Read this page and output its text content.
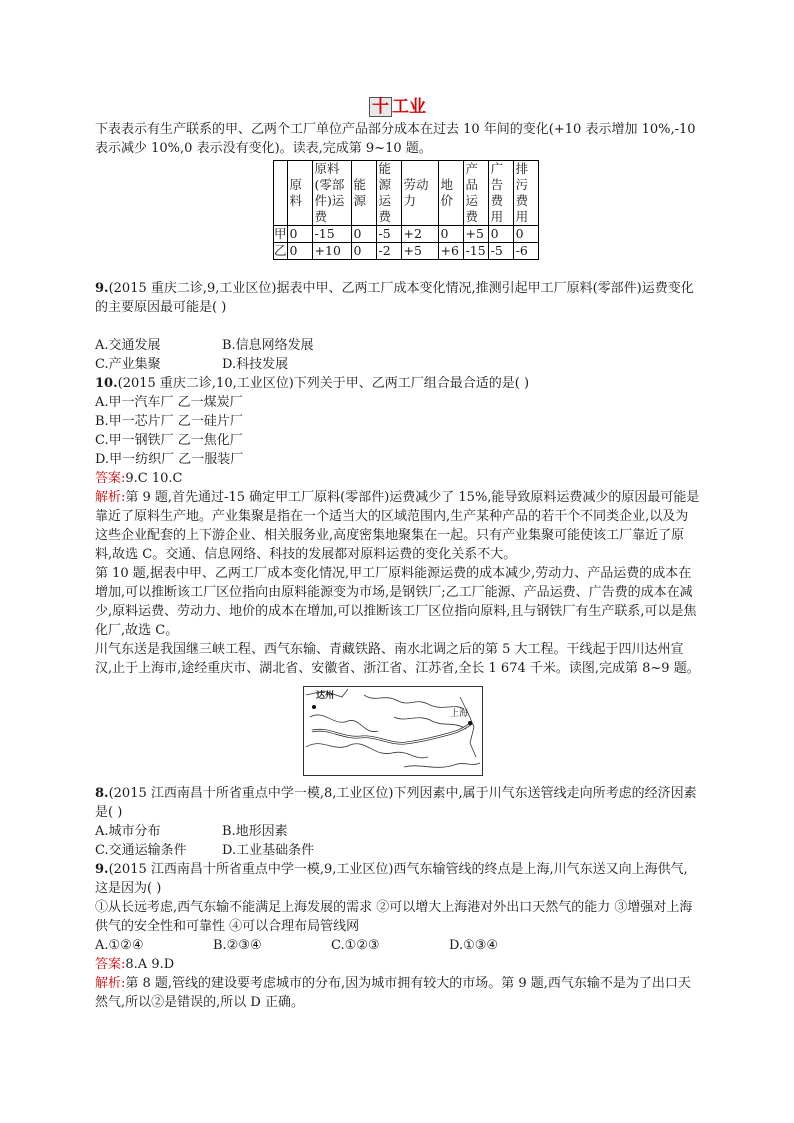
十 工业

下表表示有生产联系的甲、乙两个工厂单位产品部分成本在过去 10 年间的变化(+10 表示增加 10%,-10 表示减少 10%,0 表示没有变化)。读表,完成第 9~10 题。

	原料	原料(零部件)运费	能源	能源运费	劳动力	地价	产品运费	广告费用	排污费用
甲	0	-15	0	-5	+2	0	+5	0	0
乙	0	+10	0	-2	+5	+6	-15	-5	-6

9.(2015 重庆二诊,9,工业区位)据表中甲、乙两工厂成本变化情况,推测引起甲工厂原料(零部件)运费变化的主要原因最可能是( )

A.交通发展	B.信息网络发展
C.产业集聚	D.科技发展

10.(2015 重庆二诊,10,工业区位)下列关于甲、乙两工厂组合最合适的是( )

A.甲一汽车厂 乙一煤炭厂

B.甲一芯片厂 乙一硅片厂

C.甲一钢铁厂 乙一焦化厂

D.甲一纺织厂 乙一服装厂

答案:9.C 10.C

解析:第 9 题,首先通过-15 确定甲工厂原料(零部件)运费减少了 15%,能导致原料运费减少的原因最可能是靠近了原料生产地。产业集聚是指在一个适当大的区域范围内,生产某种产品的若干个不同类企业,以及为这些企业配套的上下游企业、相关服务业,高度密集地聚集在一起。只有产业集聚可能使该工厂靠近了原料,故选 C。交通、信息网络、科技的发展都对原料运费的变化关系不大。

第 10 题,据表中甲、乙两工厂成本变化情况,甲工厂原料能源运费的成本减少,劳动力、产品运费的成本在增加,可以推断该工厂区位指向由原料能源变为市场,是钢铁厂;乙工厂能源、产品运费、广告费的成本在减少,原料运费、劳动力、地价的成本在增加,可以推断该工厂区位指向原料,且与钢铁厂有生产联系,可以是焦化厂,故选 C。

川气东送是我国继三峡工程、西气东输、青藏铁路、南水北调之后的第 5 大工程。干线起于四川达州宣汉,止于上海市,途经重庆市、湖北省、安徽省、浙江省、江苏省,全长 1 674 千米。读图,完成第 8~9 题。

达州
上海

8.(2015 江西南昌十所省重点中学一模,8,工业区位)下列因素中,属于川气东送管线走向所考虑的经济因素是( )

A.城市分布	B.地形因素
C.交通运输条件	D.工业基础条件

9.(2015 江西南昌十所省重点中学一模,9,工业区位)西气东输管线的终点是上海,川气东送又向上海供气,这是因为( )

①从长远考虑,西气东输不能满足上海发展的需求 ②可以增大上海港对外出口天然气的能力 ③增强对上海供气的安全性和可靠性 ④可以合理布局管线网

A.①②④	B.②③④	C.①②③	D.①③④

答案:8.A 9.D

解析:第 8 题,管线的建设要考虑城市的分布,因为城市拥有较大的市场。第 9 题,西气东输不是为了出口天然气,所以②是错误的,所以 D 正确。
